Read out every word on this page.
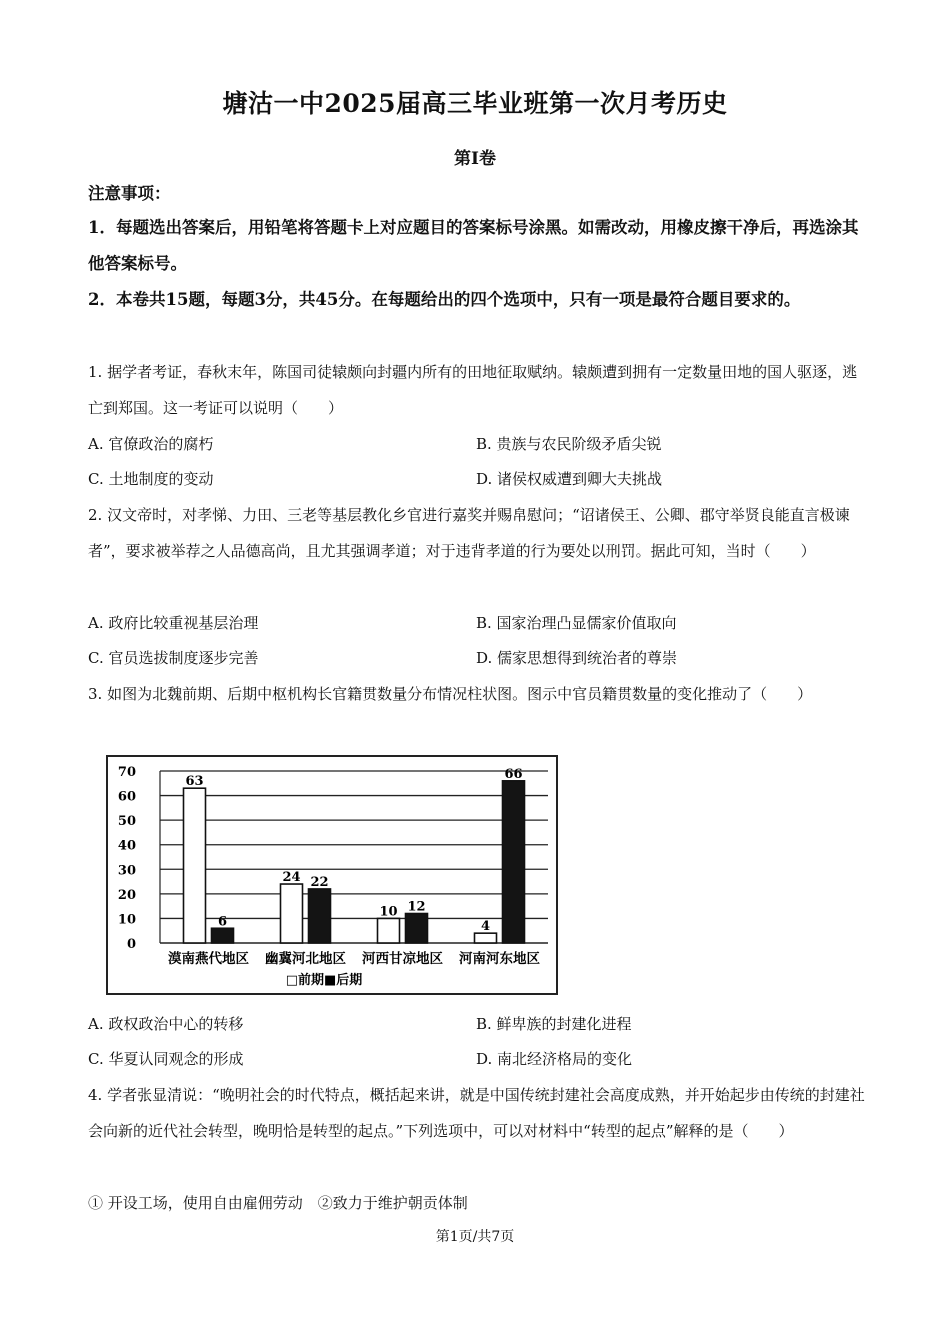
塘沽一中2025届高三毕业班第一次月考历史
第Ⅰ卷
注意事项：
1．每题选出答案后，用铅笔将答题卡上对应题目的答案标号涂黑。如需改动，用橡皮擦干净后，再选涂其他答案标号。
2．本卷共15题，每题3分，共45分。在每题给出的四个选项中，只有一项是最符合题目要求的。
1. 据学者考证，春秋末年，陈国司徒辕颇向封疆内所有的田地征取赋纳。辕颇遭到拥有一定数量田地的国人驱逐，逃亡到郑国。这一考证可以说明（　　）
A. 官僚政治的腐朽	B. 贵族与农民阶级矛盾尖锐
C. 土地制度的变动	D. 诸侯权威遭到卿大夫挑战
2. 汉文帝时，对孝悌、力田、三老等基层教化乡官进行嘉奖并赐帛慰问；“诏诸侯王、公卿、郡守举贤良能直言极谏者”，要求被举荐之人品德高尚，且尤其强调孝道；对于违背孝道的行为要处以刑罚。据此可知，当时（　　）
A. 政府比较重视基层治理	B. 国家治理凸显儒家价值取向
C. 官员选拔制度逐步完善	D. 儒家思想得到统治者的尊崇
3. 如图为北魏前期、后期中枢机构长官籍贯数量分布情况柱状图。图示中官员籍贯数量的变化推动了（　　）
70
60
50
40
30
20
10
0
63
6
漠南燕代地区
24 22
幽冀河北地区
10 12
河西甘凉地区
4
66
河南河东地区
□前期■后期
A. 政权政治中心的转移	B. 鲜卑族的封建化进程
C. 华夏认同观念的形成	D. 南北经济格局的变化
4. 学者张显清说：“晚明社会的时代特点，概括起来讲，就是中国传统封建社会高度成熟，并开始起步由传统的封建社会向新的近代社会转型，晚明恰是转型的起点。”下列选项中，可以对材料中“转型的起点”解释的是（　　）
① 开设工场，使用自由雇佣劳动　②致力于维护朝贡体制
第1页/共7页
